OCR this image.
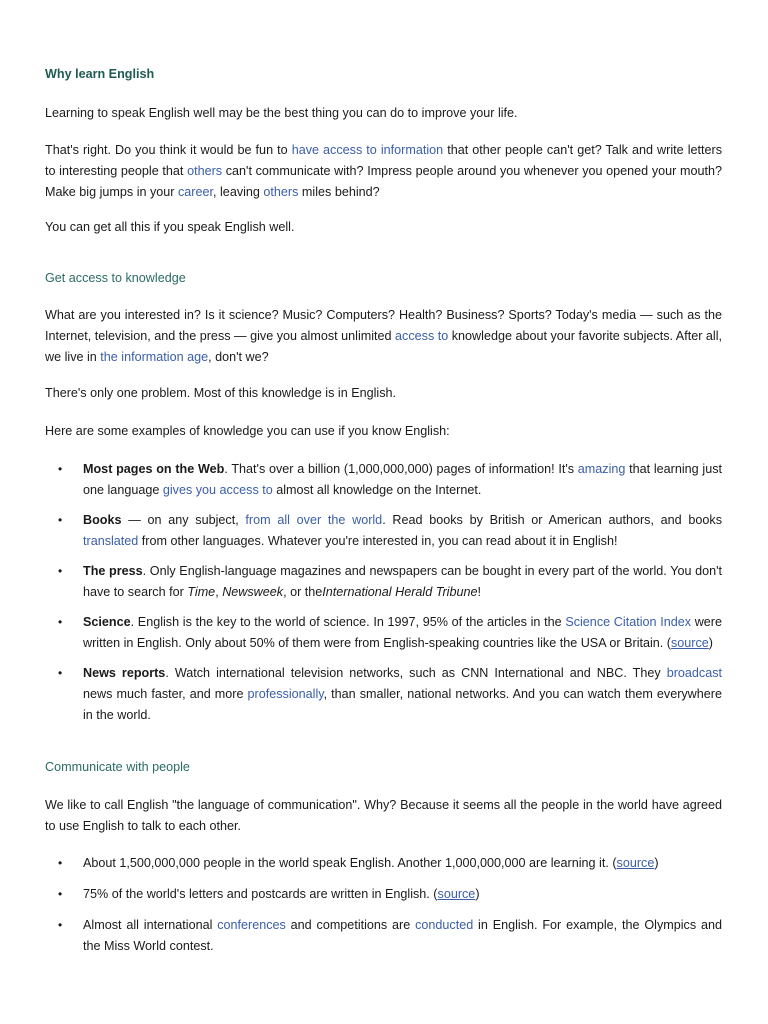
Why learn English

Learning to speak English well may be the best thing you can do to improve your life.

That's right. Do you think it would be fun to have access to information that other people can't get? Talk and write letters to interesting people that others can't communicate with? Impress people around you whenever you opened your mouth? Make big jumps in your career, leaving others miles behind?

You can get all this if you speak English well.

Get access to knowledge

What are you interested in? Is it science? Music? Computers? Health? Business? Sports? Today's media — such as the Internet, television, and the press — give you almost unlimited access to knowledge about your favorite subjects. After all, we live in the information age, don't we?

There's only one problem. Most of this knowledge is in English.

Here are some examples of knowledge you can use if you know English:

• Most pages on the Web. That's over a billion (1,000,000,000) pages of information! It's amazing that learning just one language gives you access to almost all knowledge on the Internet.
• Books — on any subject, from all over the world. Read books by British or American authors, and books translated from other languages. Whatever you're interested in, you can read about it in English!
• The press. Only English-language magazines and newspapers can be bought in every part of the world. You don't have to search for Time, Newsweek, or theInternational Herald Tribune!
• Science. English is the key to the world of science. In 1997, 95% of the articles in the Science Citation Index were written in English. Only about 50% of them were from English-speaking countries like the USA or Britain. (source)
• News reports. Watch international television networks, such as CNN International and NBC. They broadcast news much faster, and more professionally, than smaller, national networks. And you can watch them everywhere in the world.
Communicate with people

We like to call English "the language of communication". Why? Because it seems all the people in the world have agreed to use English to talk to each other.

• About 1,500,000,000 people in the world speak English. Another 1,000,000,000 are learning it. (source)
• 75% of the world's letters and postcards are written in English. (source)
• Almost all international conferences and competitions are conducted in English. For example, the Olympics and the Miss World contest.
